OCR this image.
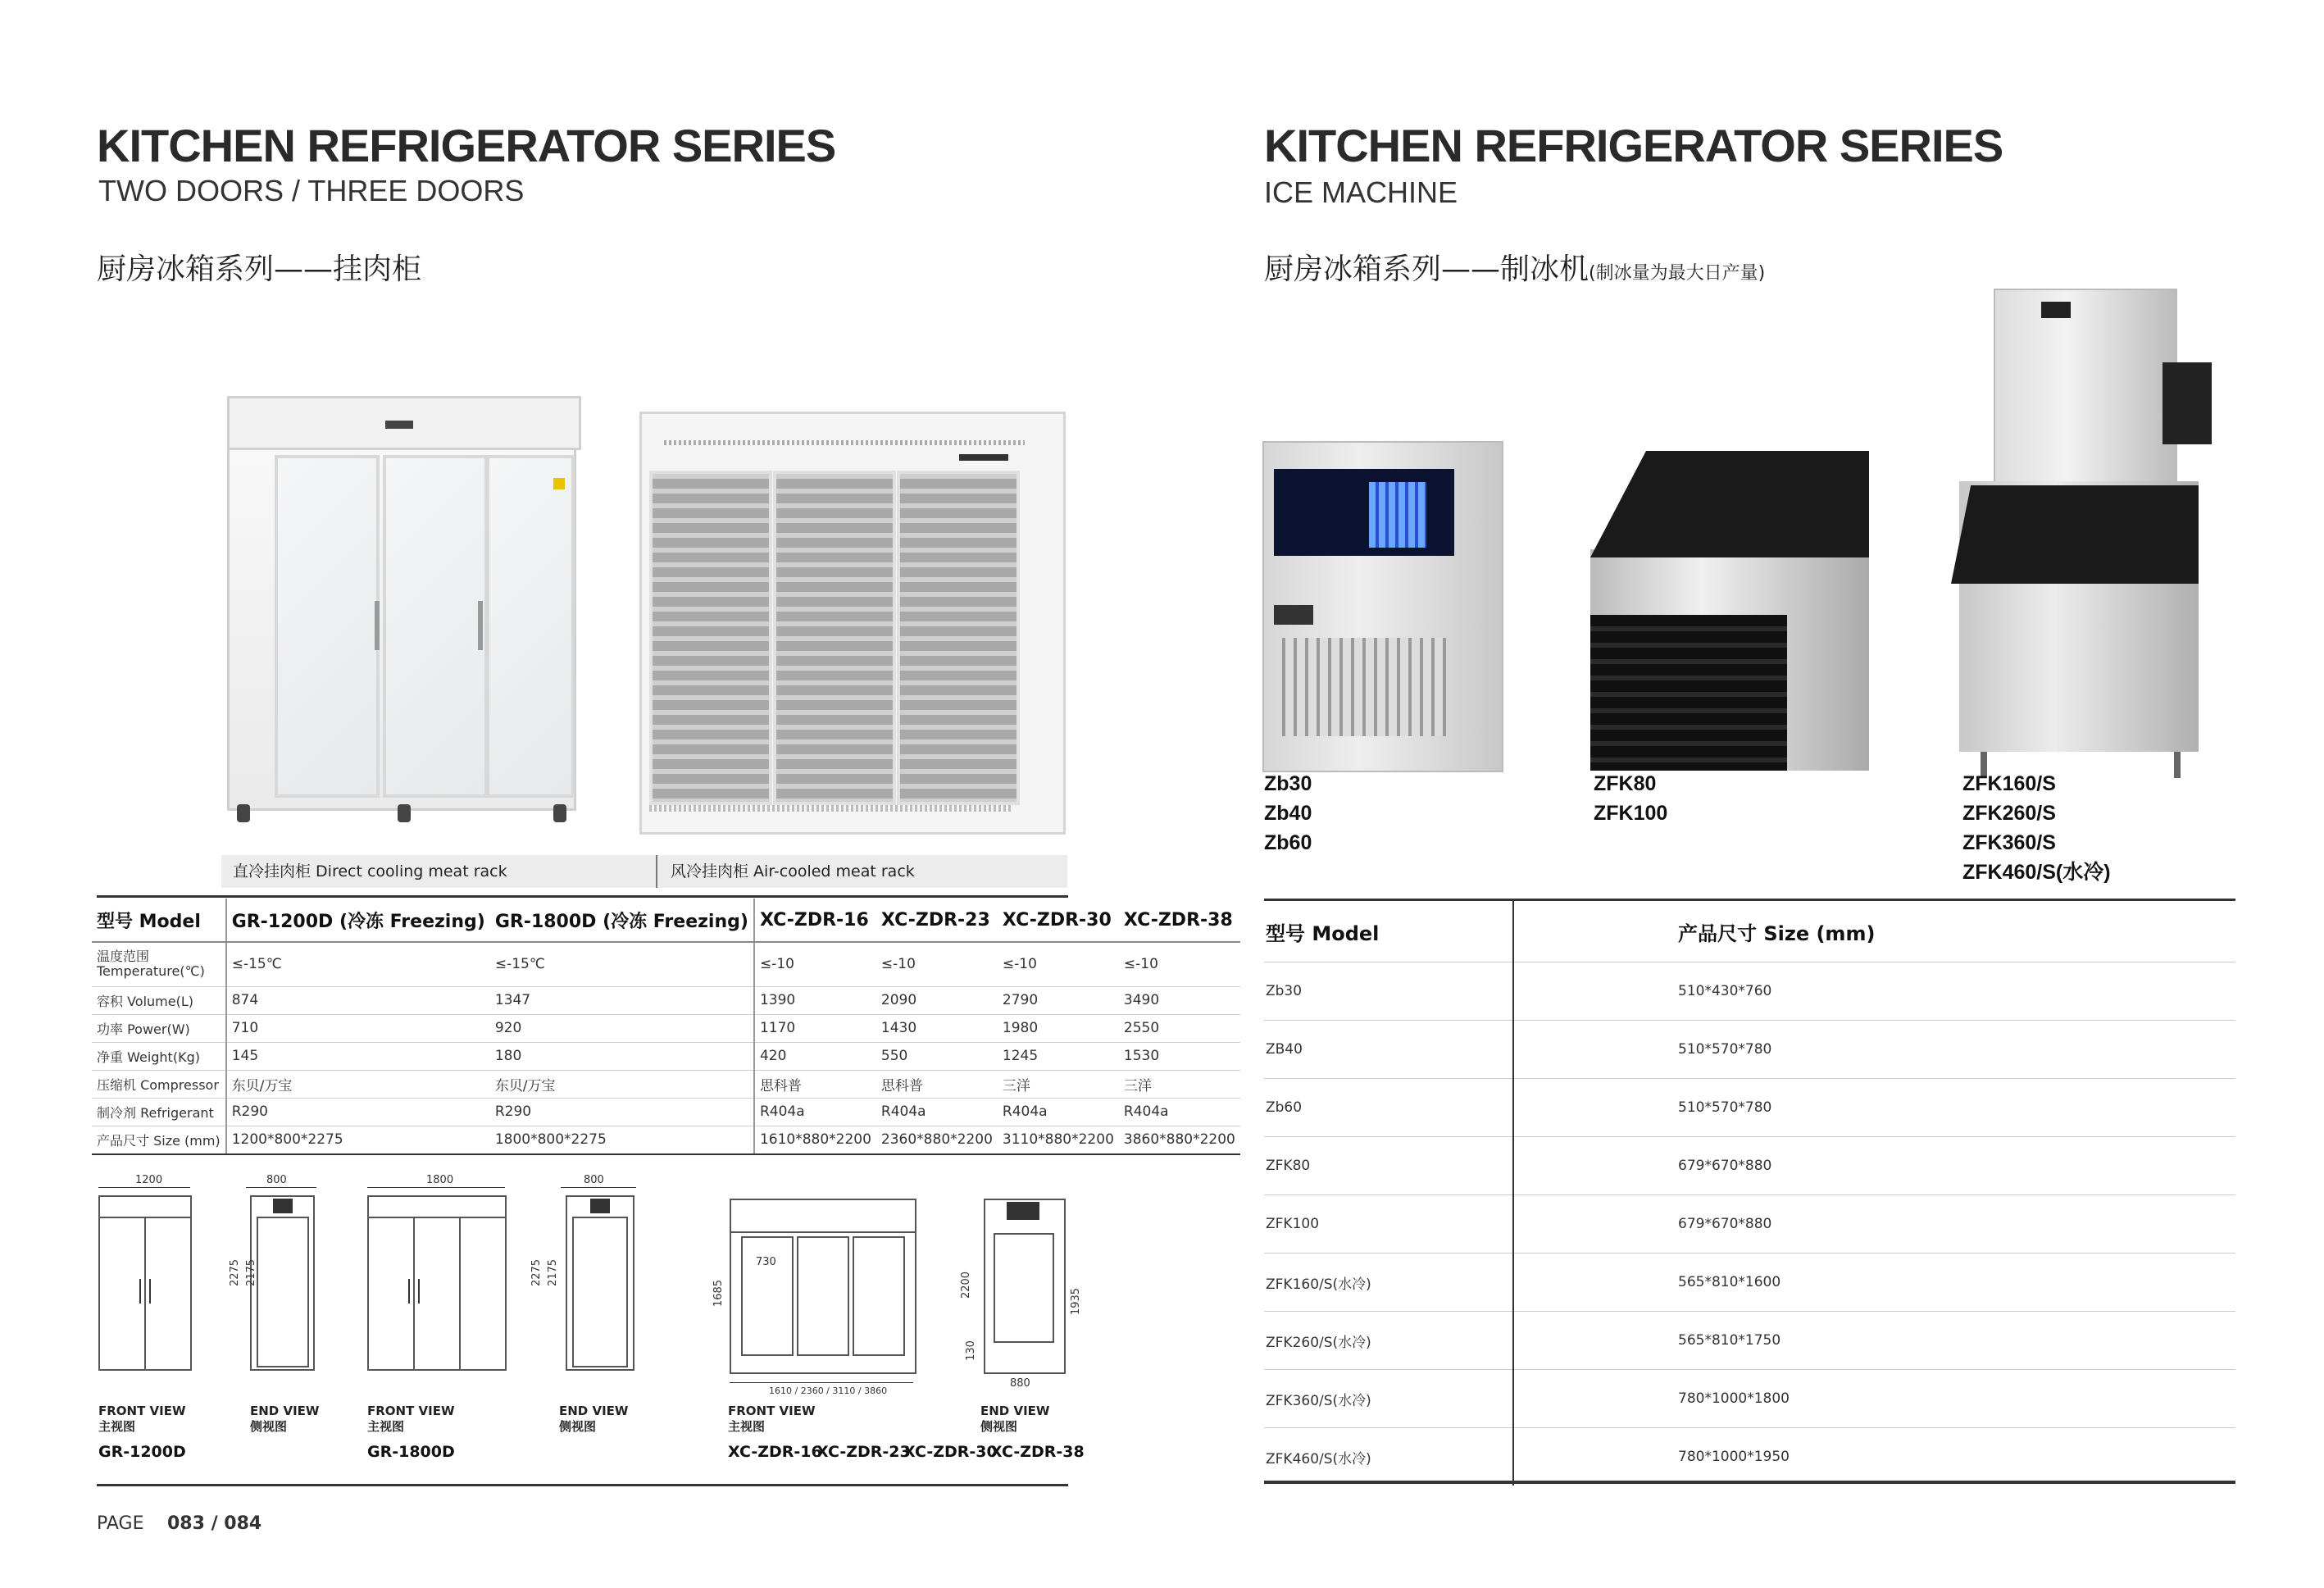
KITCHEN REFRIGERATOR SERIES
TWO DOORS / THREE DOORS
厨房冰箱系列——挂肉柜
直冷挂肉柜 Direct cooling meat rack	风冷挂肉柜 Air-cooled meat rack
型号 Model	GR-1200D (冷冻 Freezing)	GR-1800D (冷冻 Freezing)	XC-ZDR-16	XC-ZDR-23	XC-ZDR-30	XC-ZDR-38
温度范围 Temperature(℃)	≤-15℃	≤-15℃	≤-10	≤-10	≤-10	≤-10
容积 Volume(L)	874	1347	1390	2090	2790	3490
功率 Power(W)	710	920	1170	1430	1980	2550
净重 Weight(Kg)	145	180	420	550	1245	1530
压缩机 Compressor	东贝/万宝	东贝/万宝	思科普	思科普	三洋	三洋
制冷剂 Refrigerant	R290	R290	R404a	R404a	R404a	R404a
产品尺寸 Size (mm)	1200*800*2275	1800*800*2275	1610*880*2200	2360*880*2200	3110*880*2200	3860*880*2200
1200
FRONT VIEW
主视图
800
2275 2175
END VIEW
侧视图
GR-1200D
1800
FRONT VIEW
主视图
800
2275 2175
END VIEW
侧视图
GR-1800D
730
1685
1610 / 2360 / 3110 / 3860
FRONT VIEW
主视图
2200
1935
130
880
END VIEW
侧视图
XC-ZDR-16
XC-ZDR-23
XC-ZDR-30
XC-ZDR-38
PAGE 083 / 084
KITCHEN REFRIGERATOR SERIES
ICE MACHINE
厨房冰箱系列——制冰机(制冰量为最大日产量)
Zb30
Zb40
Zb60
ZFK80
ZFK100
ZFK160/S
ZFK260/S
ZFK360/S
ZFK460/S(水冷)
型号 Model	产品尺寸 Size (mm)
Zb30	510*430*760
ZB40	510*570*780
Zb60	510*570*780
ZFK80	679*670*880
ZFK100	679*670*880
ZFK160/S(水冷)	565*810*1600
ZFK260/S(水冷)	565*810*1750
ZFK360/S(水冷)	780*1000*1800
ZFK460/S(水冷)	780*1000*1950
